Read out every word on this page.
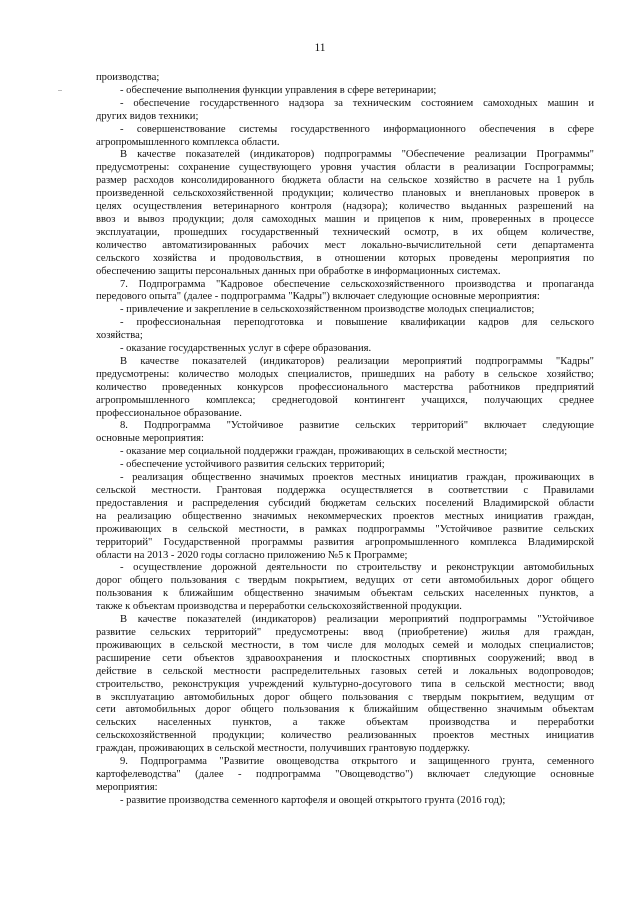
11
производства;
- обеспечение выполнения функции управления в сфере ветеринарии;
- обеспечение государственного надзора за техническим состоянием самоходных машин и
других видов техники;
- совершенствование системы государственного информационного обеспечения в сфере
агропромышленного комплекса области.
В качестве показателей (индикаторов) подпрограммы "Обеспечение реализации Программы"
предусмотрены: сохранение существующего уровня участия области в реализации Госпрограммы;
размер расходов консолидированного бюджета области на сельское хозяйство в расчете на 1 рубль
произведенной сельскохозяйственной продукции; количество плановых и внеплановых проверок в
целях осуществления ветеринарного контроля (надзора); количество выданных разрешений на
ввоз и вывоз продукции; доля самоходных машин и прицепов к ним, проверенных в процессе
эксплуатации, прошедших государственный технический осмотр, в их общем количестве,
количество автоматизированных рабочих мест локально-вычислительной сети департамента
сельского хозяйства и продовольствия, в отношении которых проведены мероприятия по
обеспечению защиты персональных данных при обработке в информационных системах.
7. Подпрограмма "Кадровое обеспечение сельскохозяйственного производства и пропаганда
передового опыта" (далее - подпрограмма "Кадры") включает следующие основные мероприятия:
- привлечение и закрепление в сельскохозяйственном производстве молодых специалистов;
- профессиональная переподготовка и повышение квалификации кадров для сельского
хозяйства;
- оказание государственных услуг в сфере образования.
В качестве показателей (индикаторов) реализации мероприятий подпрограммы "Кадры"
предусмотрены: количество молодых специалистов, пришедших на работу в сельское хозяйство;
количество проведенных конкурсов профессионального мастерства работников предприятий
агропромышленного комплекса; среднегодовой контингент учащихся, получающих среднее
профессиональное образование.
8. Подпрограмма "Устойчивое развитие сельских территорий" включает следующие
основные мероприятия:
- оказание мер социальной поддержки граждан, проживающих в сельской местности;
- обеспечение устойчивого развития сельских территорий;
- реализация общественно значимых проектов местных инициатив граждан, проживающих в
сельской местности. Грантовая поддержка осуществляется в соответствии с Правилами
предоставления и распределения субсидий бюджетам сельских поселений Владимирской области
на реализацию общественно значимых некоммерческих проектов местных инициатив граждан,
проживающих в сельской местности, в рамках подпрограммы "Устойчивое развитие сельских
территорий" Государственной программы развития агропромышленного комплекса Владимирской
области на 2013 - 2020 годы согласно приложению №5 к Программе;
- осуществление дорожной деятельности по строительству и реконструкции автомобильных
дорог общего пользования с твердым покрытием, ведущих от сети автомобильных дорог общего
пользования к ближайшим общественно значимым объектам сельских населенных пунктов, а
также к объектам производства и переработки сельскохозяйственной продукции.
В качестве показателей (индикаторов) реализации мероприятий подпрограммы "Устойчивое
развитие сельских территорий" предусмотрены: ввод (приобретение) жилья для граждан,
проживающих в сельской местности, в том числе для молодых семей и молодых специалистов;
расширение сети объектов здравоохранения и плоскостных спортивных сооружений; ввод в
действие в сельской местности распределительных газовых сетей и локальных водопроводов;
строительство, реконструкция учреждений культурно-досугового типа в сельской местности; ввод
в эксплуатацию автомобильных дорог общего пользования с твердым покрытием, ведущим от
сети автомобильных дорог общего пользования к ближайшим общественно значимым объектам
сельских населенных пунктов, а также объектам производства и переработки
сельскохозяйственной продукции; количество реализованных проектов местных инициатив
граждан, проживающих в сельской местности, получивших грантовую поддержку.
9. Подпрограмма "Развитие овощеводства открытого и защищенного грунта, семенного
картофелеводства" (далее - подпрограмма "Овощеводство") включает следующие основные
мероприятия:
- развитие производства семенного картофеля и овощей открытого грунта (2016 год);
